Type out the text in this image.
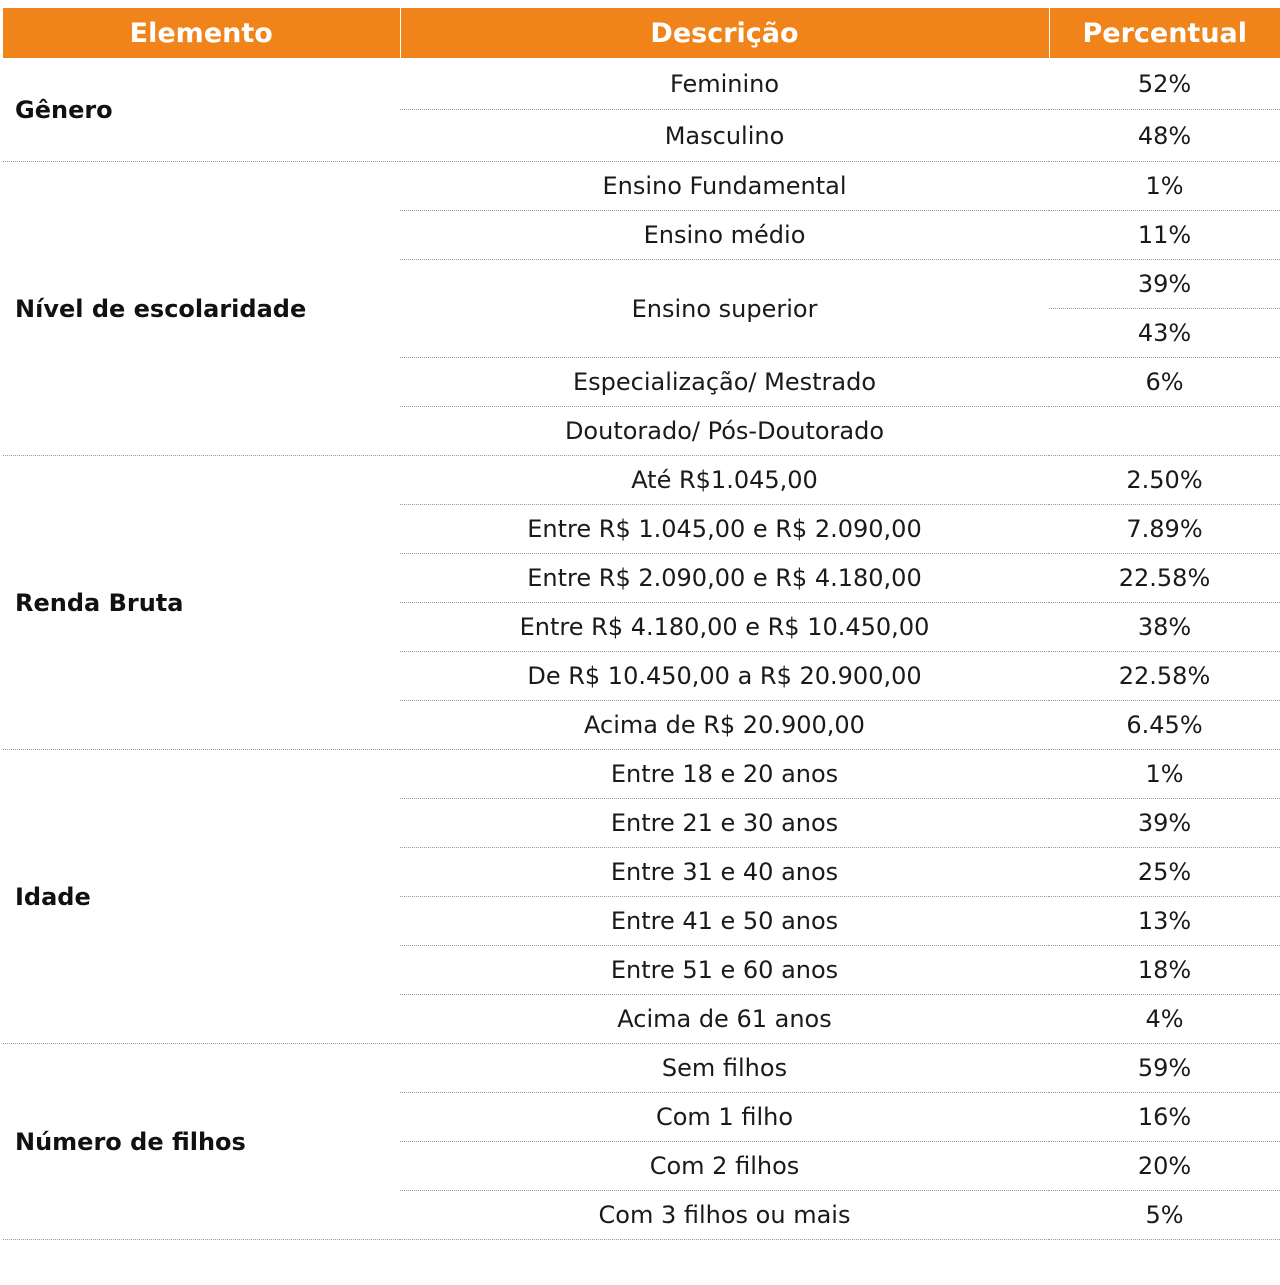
Elemento	Descrição	Percentual
Gênero	Feminino	52%
	Masculino	48%
Nível de escolaridade	Ensino Fundamental	1%
	Ensino médio	11%
	Ensino superior	39%
		43%
	Especialização/ Mestrado	6%
	Doutorado/ Pós-Doutorado	
Renda Bruta	Até R$1.045,00	2.50%
	Entre R$ 1.045,00 e R$ 2.090,00	7.89%
	Entre R$ 2.090,00 e R$ 4.180,00	22.58%
	Entre R$ 4.180,00 e R$ 10.450,00	38%
	De R$ 10.450,00 a R$ 20.900,00	22.58%
	Acima de R$ 20.900,00	6.45%
Idade	Entre 18 e 20 anos	1%
	Entre 21 e 30 anos	39%
	Entre 31 e 40 anos	25%
	Entre 41 e 50 anos	13%
	Entre 51 e 60 anos	18%
	Acima de 61 anos	4%
Número de filhos	Sem filhos	59%
	Com 1 filho	16%
	Com 2 filhos	20%
	Com 3 filhos ou mais	5%
